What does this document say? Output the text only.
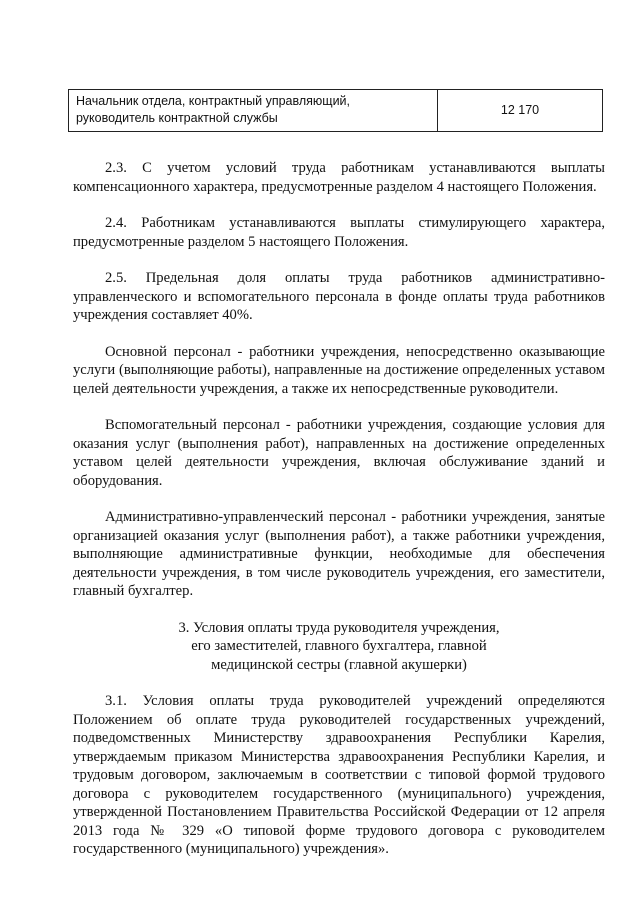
Начальник отдела, контрактный управляющий, руководитель контрактной службы	12 170

2.3. С учетом условий труда работникам устанавливаются выплаты компенсационного характера, предусмотренные разделом 4 настоящего Положения.

2.4. Работникам устанавливаются выплаты стимулирующего характера, предусмотренные разделом 5 настоящего Положения.

2.5. Предельная доля оплаты труда работников административно-управленческого и вспомогательного персонала в фонде оплаты труда работников учреждения составляет 40%.

Основной персонал - работники учреждения, непосредственно оказывающие услуги (выполняющие работы), направленные на достижение определенных уставом целей деятельности учреждения, а также их непосредственные руководители.

Вспомогательный персонал - работники учреждения, создающие условия для оказания услуг (выполнения работ), направленных на достижение определенных уставом целей деятельности учреждения, включая обслуживание зданий и оборудования.

Административно-управленческий персонал - работники учреждения, занятые организацией оказания услуг (выполнения работ), а также работники учреждения, выполняющие административные функции, необходимые для обеспечения деятельности учреждения, в том числе руководитель учреждения, его заместители, главный бухгалтер.

3. Условия оплаты труда руководителя учреждения,
его заместителей, главного бухгалтера, главной
медицинской сестры (главной акушерки)

3.1. Условия оплаты труда руководителей учреждений определяются Положением об оплате труда руководителей государственных учреждений, подведомственных Министерству здравоохранения Республики Карелия, утверждаемым приказом Министерства здравоохранения Республики Карелия, и трудовым договором, заключаемым в соответствии с типовой формой трудового договора с руководителем государственного (муниципального) учреждения, утвержденной Постановлением Правительства Российской Федерации от 12 апреля 2013 года № 329 «О типовой форме трудового договора с руководителем государственного (муниципального) учреждения».
